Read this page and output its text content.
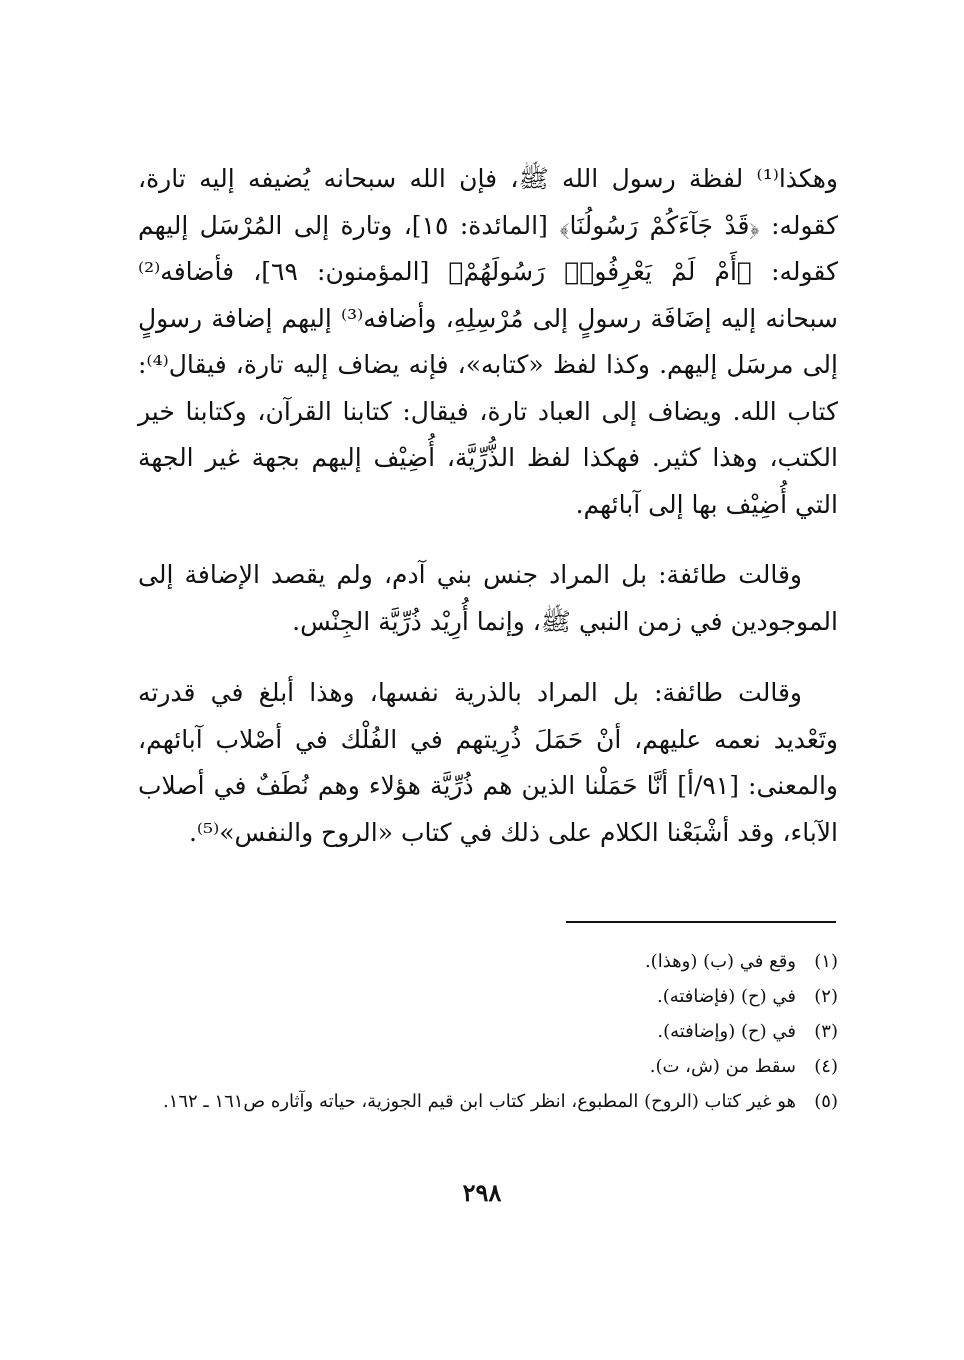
وهكذا⁽¹⁾ لفظة رسول الله ﷺ، فإن الله سبحانه يُضيفه إليه تارة، كقوله: ﴿قَدْ جَآءَكُمْ رَسُولُنَا﴾ [المائدة: ١٥]، وتارة إلى المُرْسَل إليهم كقوله: ﴿أَمْ لَمْ يَعْرِفُوا۟ رَسُولَهُمْ﴾ [المؤمنون: ٦٩]، فأضافه⁽²⁾ سبحانه إليه إضَافَة رسولٍ إلى مُرْسِلِهِ، وأضافه⁽³⁾ إليهم إضافة رسولٍ إلى مرسَل إليهم. وكذا لفظ «كتابه»، فإنه يضاف إليه تارة، فيقال⁽⁴⁾: كتاب الله. ويضاف إلى العباد تارة، فيقال: كتابنا القرآن، وكتابنا خير الكتب، وهذا كثير. فهكذا لفظ الذُّرِّيَّة، أُضِيْف إليهم بجهة غير الجهة التي أُضِيْف بها إلى آبائهم.

وقالت طائفة: بل المراد جنس بني آدم، ولم يقصد الإضافة إلى الموجودين في زمن النبي ﷺ، وإنما أُرِيْد ذُرِّيَّة الجِنْس.

وقالت طائفة: بل المراد بالذرية نفسها، وهذا أبلغ في قدرته وتَعْديد نعمه عليهم، أنْ حَمَلَ ذُرِيتهم في الفُلْك في أصْلاب آبائهم، والمعنى: [٩١/أ] أنَّا حَمَلْنا الذين هم ذُرِّيَّة هؤلاء وهم نُطَفٌ في أصلاب الآباء، وقد أشْبَعْنا الكلام على ذلك في كتاب «الروح والنفس»⁽⁵⁾.

(١)
وقع في (ب) (وهذا).
(٢)
في (ح) (فإضافته).
(٣)
في (ح) (وإضافته).
(٤)
سقط من (ش، ت).
(٥)
هو غير كتاب (الروح) المطبوع، انظر كتاب ابن قيم الجوزية، حياته وآثاره ص١٦١ ـ ١٦٢.
٢٩٨
